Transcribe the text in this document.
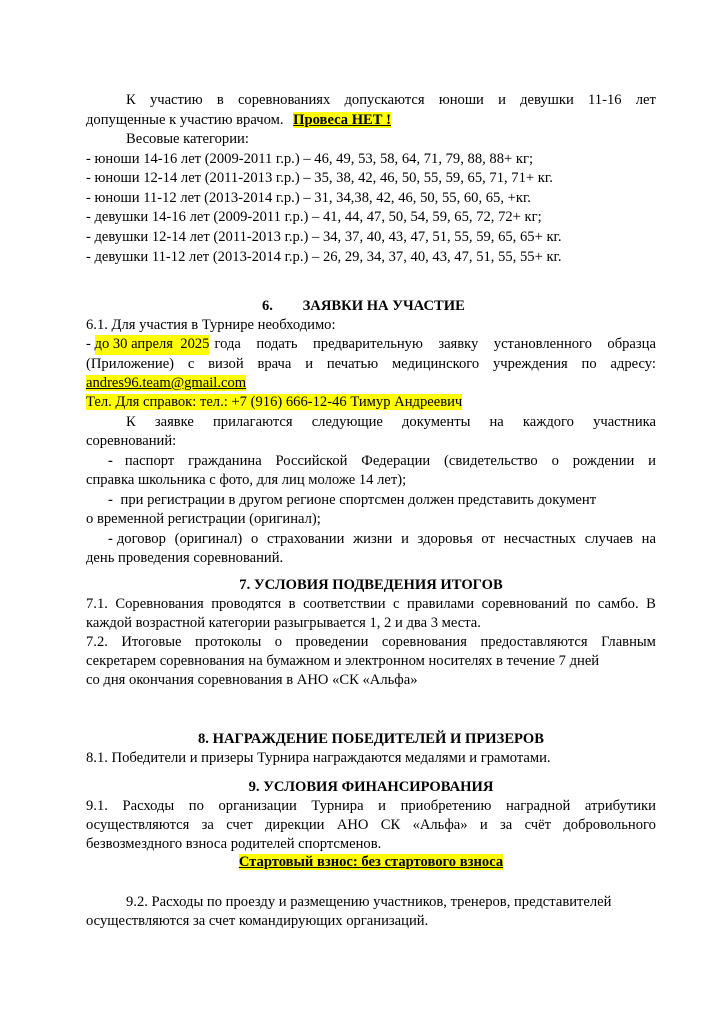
К участию в соревнованиях допускаются юноши и девушки 11-16 лет
допущенные к участию врачом. Провеса НЕТ !
Весовые категории:
- юноши 14-16 лет (2009-2011 г.р.) – 46, 49, 53, 58, 64, 71, 79, 88, 88+ кг;
- юноши 12-14 лет (2011-2013 г.р.) – 35, 38, 42, 46, 50, 55, 59, 65, 71, 71+ кг.
- юноши 11-12 лет (2013-2014 г.р.) – 31, 34,38, 42, 46, 50, 55, 60, 65, +кг.
- девушки 14-16 лет (2009-2011 г.р.) – 41, 44, 47, 50, 54, 59, 65, 72, 72+ кг;
- девушки 12-14 лет (2011-2013 г.р.) – 34, 37, 40, 43, 47, 51, 55, 59, 65, 65+ кг.
- девушки 11-12 лет (2013-2014 г.р.) – 26, 29, 34, 37, 40, 43, 47, 51, 55, 55+ кг.
6. ЗАЯВКИ НА УЧАСТИЕ
6.1. Для участия в Турнире необходимо:
- до 30 апреля  2025 года подать предварительную заявку установленного образца
(Приложение) с визой врача и печатью медицинского учреждения по адресу:
andres96.team@gmail.com
Тел. Для справок: тел.: +7 (916) 666-12-46 Тимур Андреевич
К заявке прилагаются следующие документы на каждого участника
соревнований:
- паспорт гражданина Российской Федерации (свидетельство о рождении и
справка школьника с фото, для лиц моложе 14 лет);
- при регистрации в другом регионе спортсмен должен представить документ
о временной регистрации (оригинал);
- договор (оригинал) о страховании жизни и здоровья от несчастных случаев на
день проведения соревнований.
7. УСЛОВИЯ ПОДВЕДЕНИЯ ИТОГОВ
7.1. Соревнования проводятся в соответствии с правилами соревнований по самбо. В
каждой возрастной категории разыгрывается 1, 2 и два 3 места.
7.2. Итоговые протоколы о проведении соревнования предоставляются Главным
секретарем соревнования на бумажном и электронном носителях в течение 7 дней
со дня окончания соревнования в АНО «СК «Альфа»
8. НАГРАЖДЕНИЕ ПОБЕДИТЕЛЕЙ И ПРИЗЕРОВ
8.1. Победители и призеры Турнира награждаются медалями и грамотами.
9. УСЛОВИЯ ФИНАНСИРОВАНИЯ
9.1. Расходы по организации Турнира и приобретению наградной атрибутики
осуществляются за счет дирекции АНО СК «Альфа» и за счёт добровольного
безвозмездного взноса родителей спортсменов.
Стартовый взнос: без стартового взноса
9.2. Расходы по проезду и размещению участников, тренеров, представителей
осуществляются за счет командирующих организаций.
